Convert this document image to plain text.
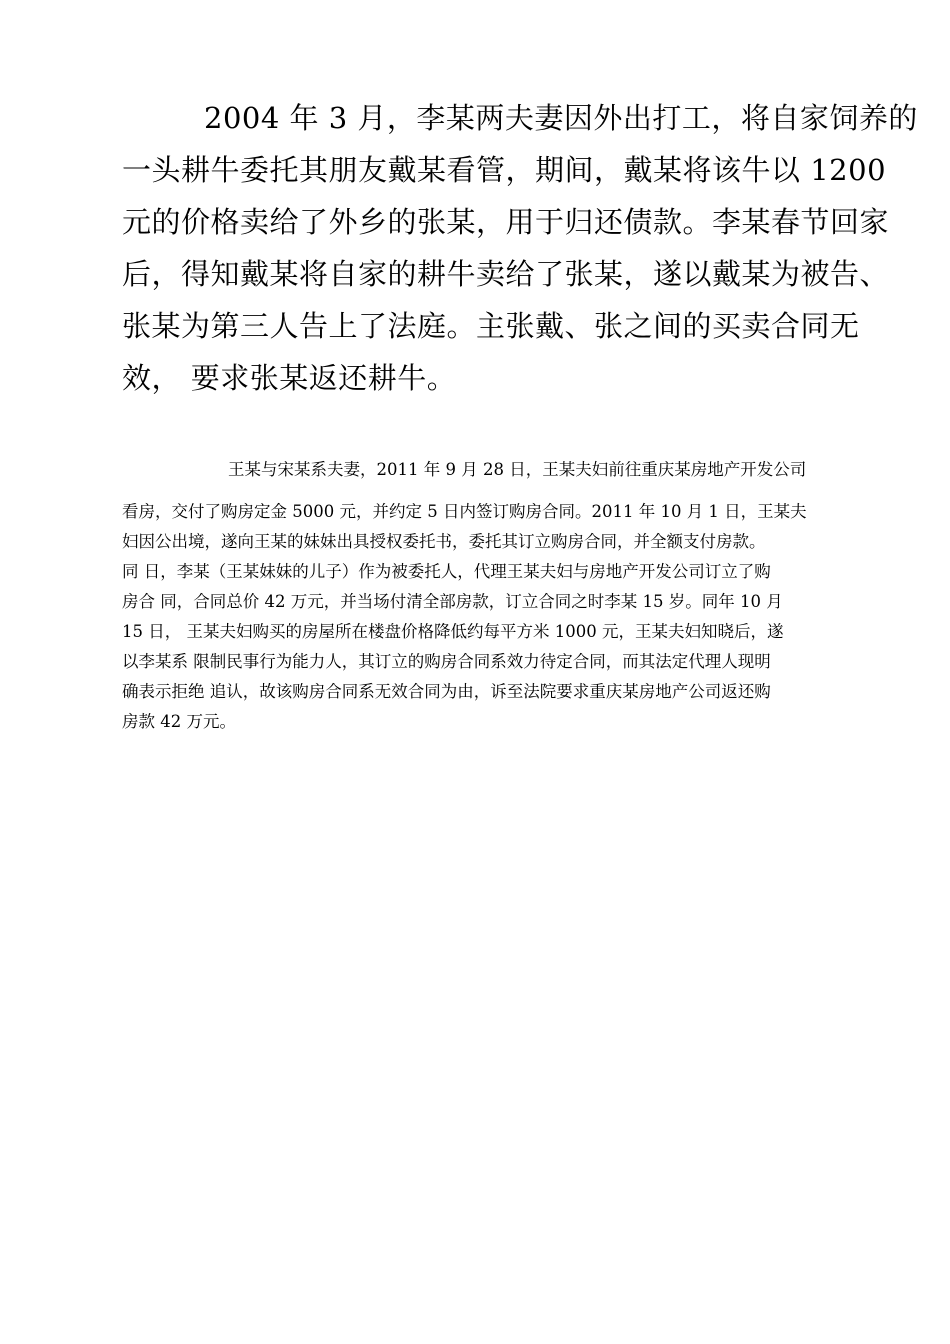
2004 年 3 月，李某两夫妻因外出打工，将自家饲养的
一头耕牛委托其朋友戴某看管，期间，戴某将该牛以 1200
元的价格卖给了外乡的张某，用于归还债款。李某春节回家
后，得知戴某将自家的耕牛卖给了张某，遂以戴某为被告、
张某为第三人告上了法庭。主张戴、张之间的买卖合同无
效， 要求张某返还耕牛。
王某与宋某系夫妻，2011 年 9 月 28 日，王某夫妇前往重庆某房地产开发公司
看房，交付了购房定金 5000 元，并约定 5 日内签订购房合同。2011 年 10 月 1 日，王某夫
妇因公出境，遂向王某的妹妹出具授权委托书，委托其订立购房合同，并全额支付房款。
同 日，李某（王某妹妹的儿子）作为被委托人，代理王某夫妇与房地产开发公司订立了购
房合 同，合同总价 42 万元，并当场付清全部房款，订立合同之时李某 15 岁。同年 10 月
15 日， 王某夫妇购买的房屋所在楼盘价格降低约每平方米 1000 元，王某夫妇知晓后，遂
以李某系 限制民事行为能力人，其订立的购房合同系效力待定合同，而其法定代理人现明
确表示拒绝 追认，故该购房合同系无效合同为由，诉至法院要求重庆某房地产公司返还购
房款 42 万元。
